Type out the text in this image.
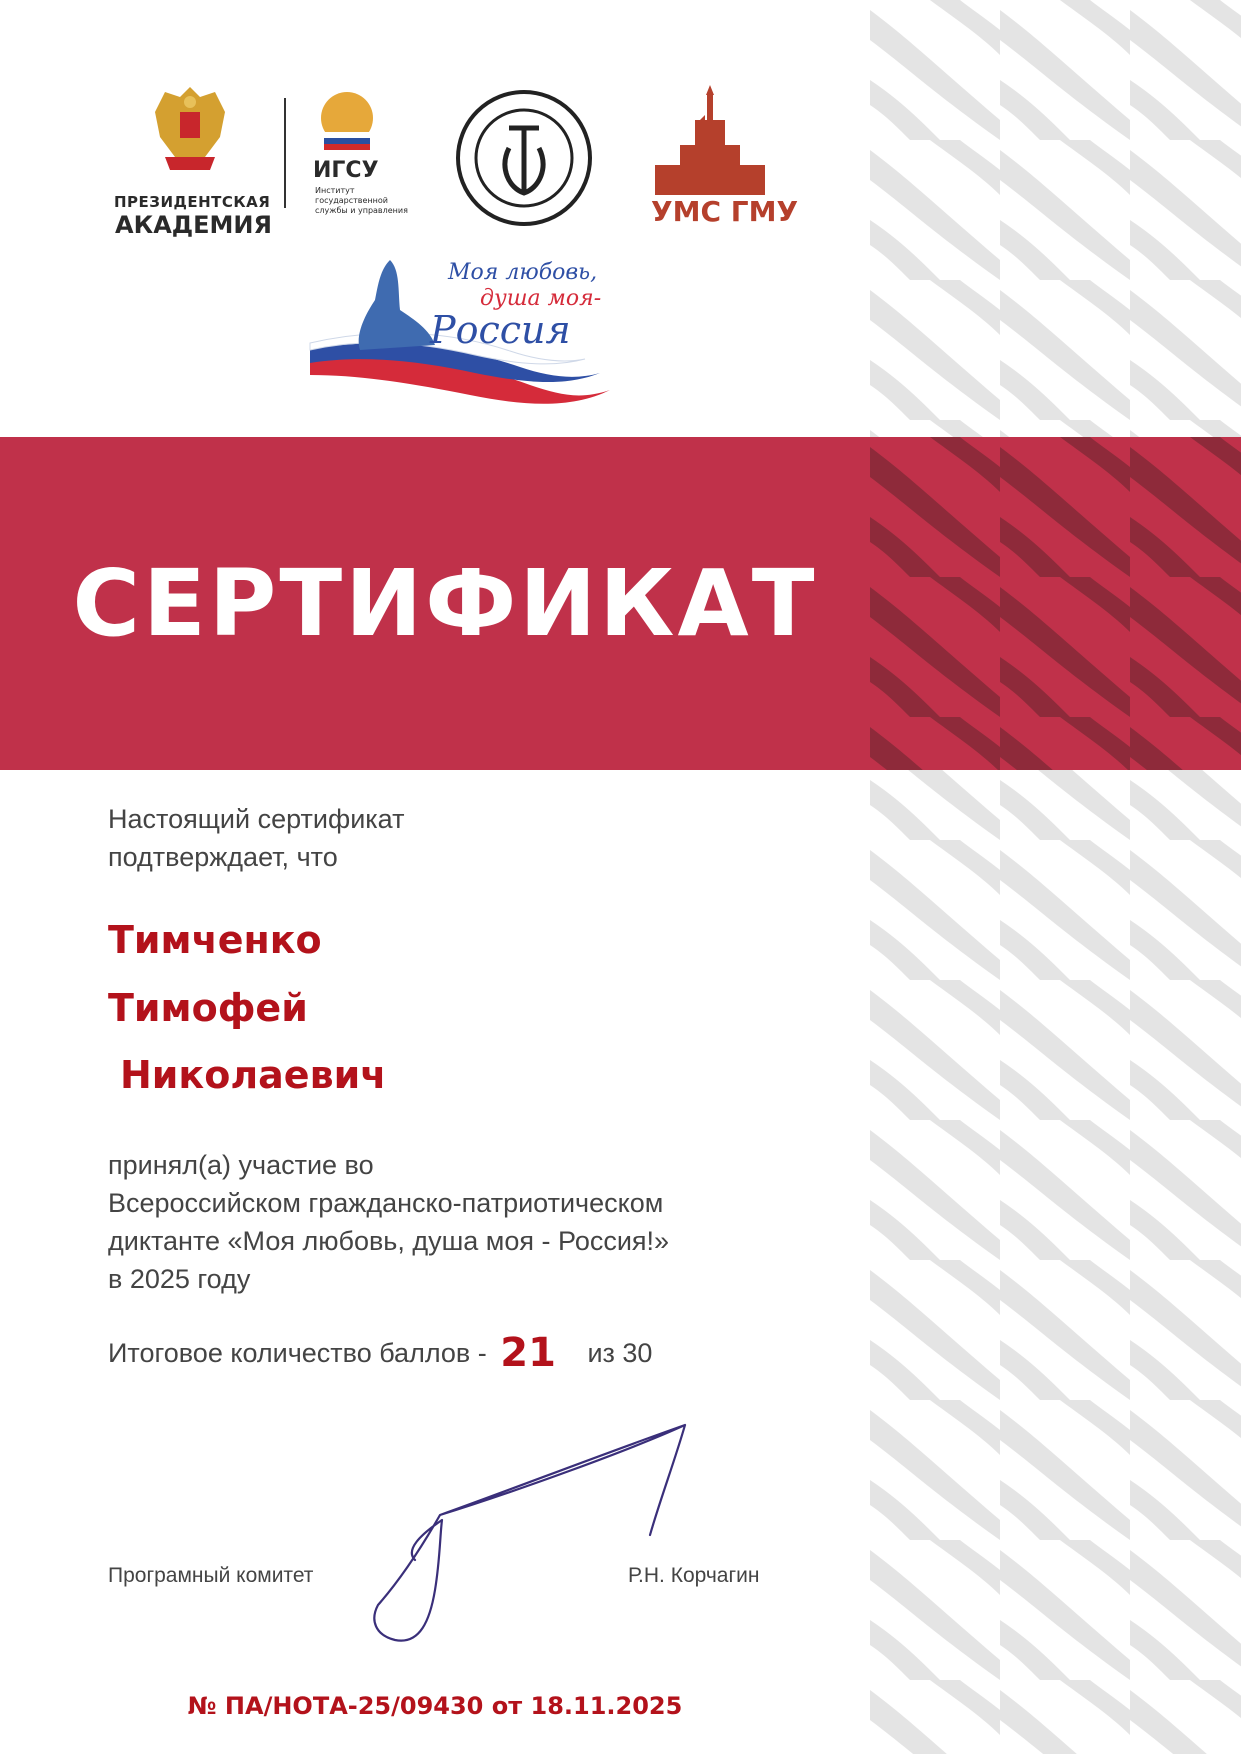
СЕРТИФИКАТ
ПРЕЗИДЕНТСКАЯ
АКАДЕМИЯ
ИГСУ
Институт
государственной
службы и управления	УМС ГМУ
Моя любовь,
душа моя-
Россия
Настоящий сертификат
подтверждает, что
Тимченко
Тимофей
Николаевич
принял(а) участие во
Всероссийском гражданско-патриотическом
диктанте «Моя любовь, душа моя - Россия!»
в 2025 году
Итоговое количество баллов - 21 из 30
Програмный комитет	Р.Н. Корчагин
№ ПА/НОТА-25/09430 от 18.11.2025
